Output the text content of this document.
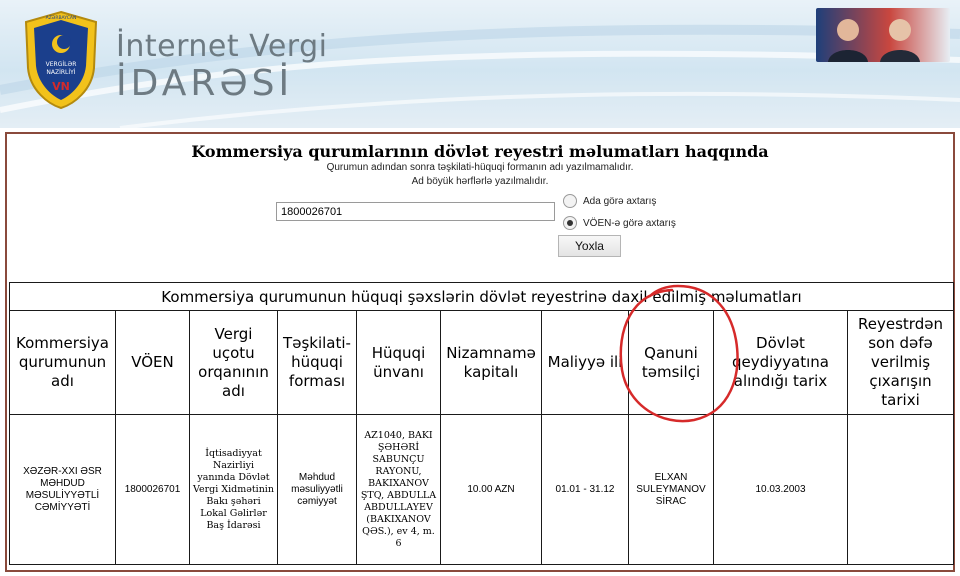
VERGİLƏR
NAZİRLİYİ
VN
AZƏRBAYCAN
İnternet Vergi
İDARƏSİ
Kommersiya qurumlarının dövlət reyestri məlumatları haqqında
Qurumun adından sonra təşkilati-hüquqi formanın adı yazılmamalıdır.
Ad böyük hərflərlə yazılmalıdır.
1800026701
Ada görə axtarış
VÖEN-ə görə axtarış
Yoxla
Kommersiya qurumunun hüquqi şəxslərin dövlət reyestrinə daxil edilmiş məlumatları									
Kommersiya qurumunun adı	VÖEN	Vergi uçotu orqanının adı	Təşkilati-hüquqi forması	Hüquqi ünvanı	Nizamnamə kapitalı	Maliyyə ili	Qanuni təmsilçi	Dövlət qeydiyyatına alındığı tarix	Reyestrdən son dəfə verilmiş çıxarışın tarixi
XƏZƏR-XXI ƏSR MƏHDUD MƏSULİYYƏTLİ CƏMİYYƏTİ	1800026701	İqtisadiyyat Nazirliyi yanında Dövlət Vergi Xidmətinin Bakı şəhəri Lokal Gəlirlər Baş İdarəsi	Məhdud məsuliyyətli cəmiyyət	AZ1040, BAKI ŞƏHƏRİ SABUNÇU RAYONU, BAKIXANOV ŞTQ, ABDULLA ABDULLAYEV (BAKIXANOV QƏS.), ev 4, m. 6	10.00 AZN	01.01 - 31.12	ELXAN SULEYMANOV SİRAC	10.03.2003	
